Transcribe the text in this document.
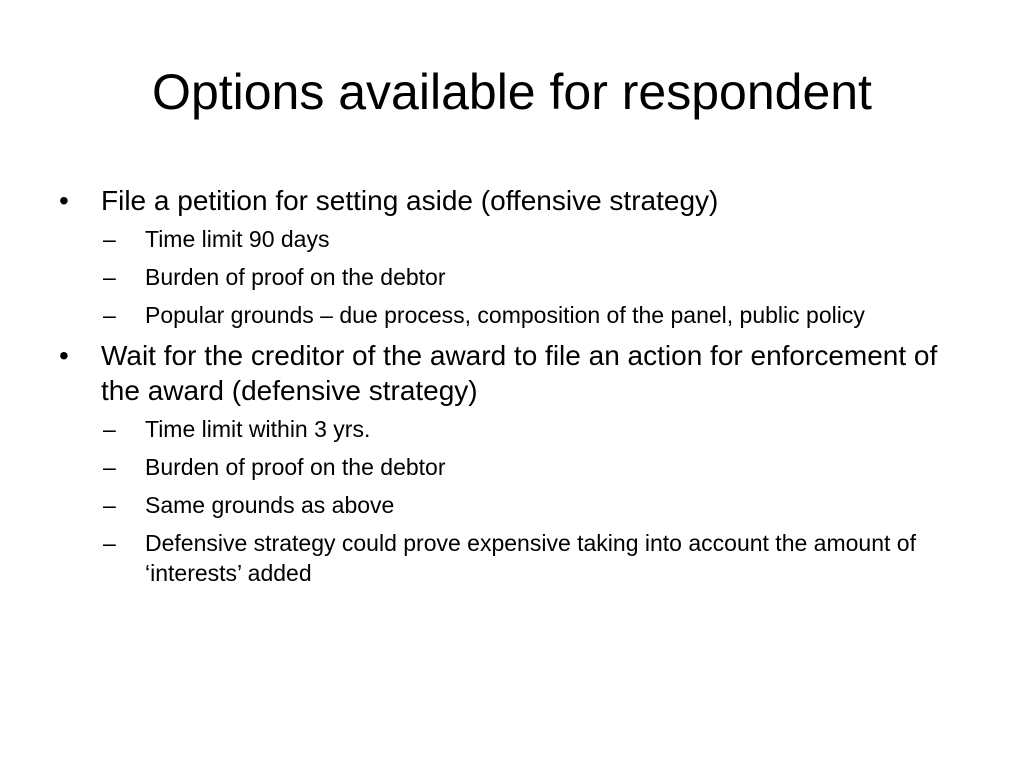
Options available for respondent
• File a petition for setting aside (offensive strategy)
– Time limit 90 days
– Burden of proof on the debtor
– Popular grounds – due process, composition of the panel, public policy
• Wait for the creditor of the award to file an action for enforcement of the award (defensive strategy)
– Time limit within 3 yrs.
– Burden of proof on the debtor
– Same grounds as above
– Defensive strategy could prove expensive taking into account the amount of ‘interests’ added
